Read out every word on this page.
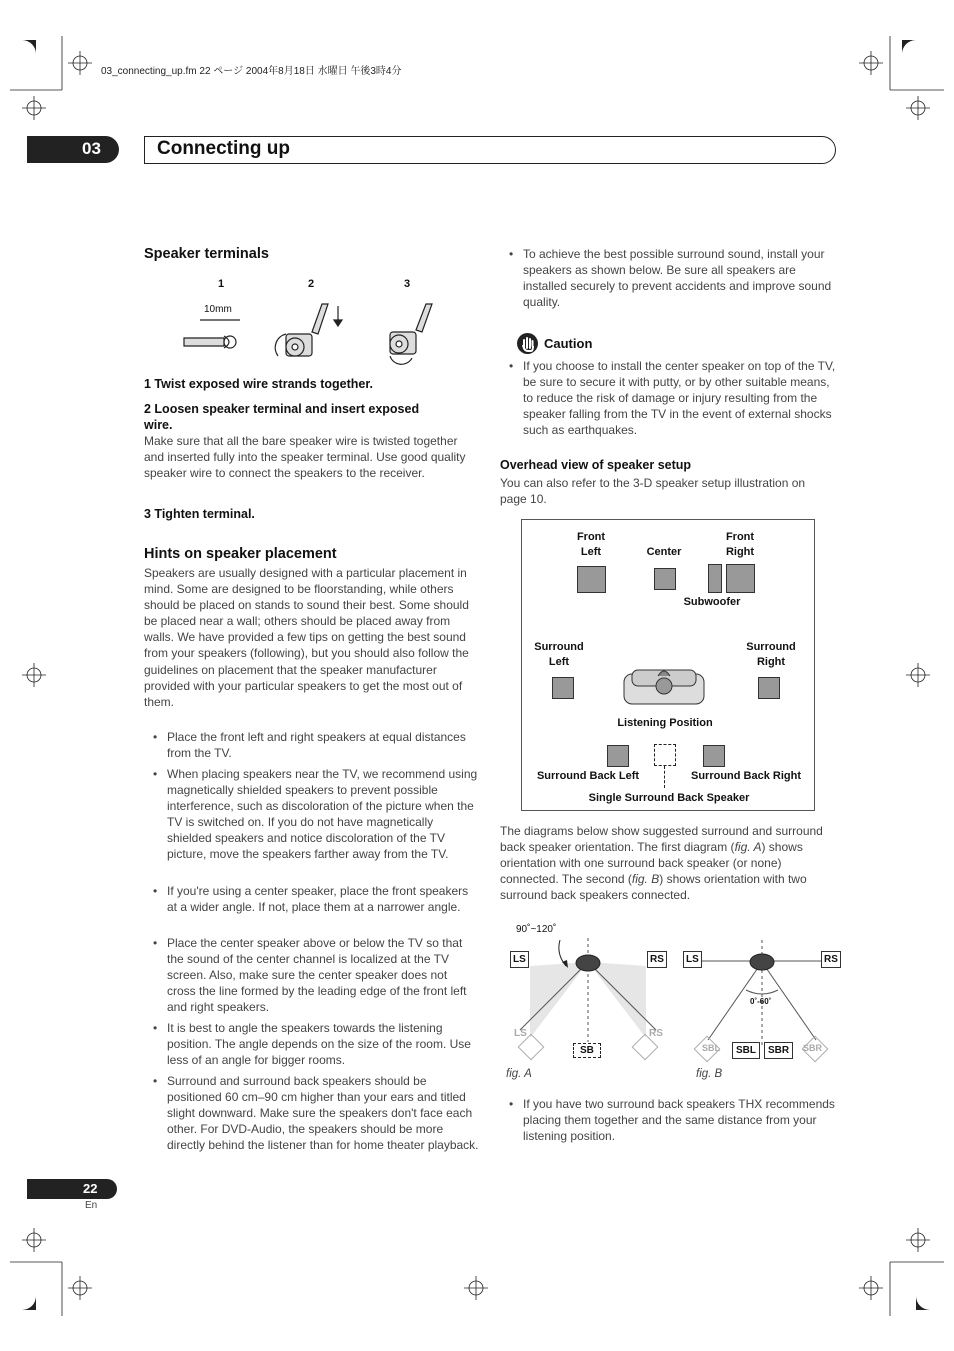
03_connecting_up.fm 22 ページ 2004年8月18日 水曜日 午後3時4分
03	Connecting up
Speaker terminals
1	2	3
10mm
1 Twist exposed wire strands together.
2 Loosen speaker terminal and insert exposed
wire.
Make sure that all the bare speaker wire is twisted together and inserted fully into the speaker terminal. Use good quality speaker wire to connect the speakers to the receiver.
3 Tighten terminal.
Hints on speaker placement
Speakers are usually designed with a particular placement in mind. Some are designed to be floorstanding, while others should be placed on stands to sound their best. Some should be placed near a wall; others should be placed away from walls. We have provided a few tips on getting the best sound from your speakers (following), but you should also follow the guidelines on placement that the speaker manufacturer provided with your particular speakers to get the most out of them.
• Place the front left and right speakers at equal distances from the TV.
• When placing speakers near the TV, we recommend using magnetically shielded speakers to prevent possible interference, such as discoloration of the picture when the TV is switched on. If you do not have magnetically shielded speakers and notice discoloration of the TV picture, move the speakers farther away from the TV.
• If you're using a center speaker, place the front speakers at a wider angle. If not, place them at a narrower angle.
• Place the center speaker above or below the TV so that the sound of the center channel is localized at the TV screen. Also, make sure the center speaker does not cross the line formed by the leading edge of the front left and right speakers.
• It is best to angle the speakers towards the listening position. The angle depends on the size of the room. Use less of an angle for bigger rooms.
• Surround and surround back speakers should be positioned 60 cm–90 cm higher than your ears and titled slight downward. Make sure the speakers don't face each other. For DVD-Audio, the speakers should be more directly behind the listener than for home theater playback.
• To achieve the best possible surround sound, install your speakers as shown below. Be sure all speakers are installed securely to prevent accidents and improve sound quality.
Caution
• If you choose to install the center speaker on top of the TV, be sure to secure it with putty, or by other suitable means, to reduce the risk of damage or injury resulting from the speaker falling from the TV in the event of external shocks such as earthquakes.
Overhead view of speaker setup
You can also refer to the 3-D speaker setup illustration on page 10.
Front
Left	Center
Front
Right
Subwoofer
Surround
Left
Surround
Right
Listening Position
Surround Back Left	Surround Back Right
Single Surround Back Speaker
The diagrams below show suggested surround and surround back speaker orientation. The first diagram (fig. A) shows orientation with one surround back speaker (or none) connected. The second (fig. B) shows orientation with two surround back speakers connected.
90˚~120˚
LS	RS
LS	RS
SB
fig. A
LS	RS
0˚-60˚
SBL	SBR
SBL	SBR
fig. B
• If you have two surround back speakers THX recommends placing them together and the same distance from your listening position.
22
En
